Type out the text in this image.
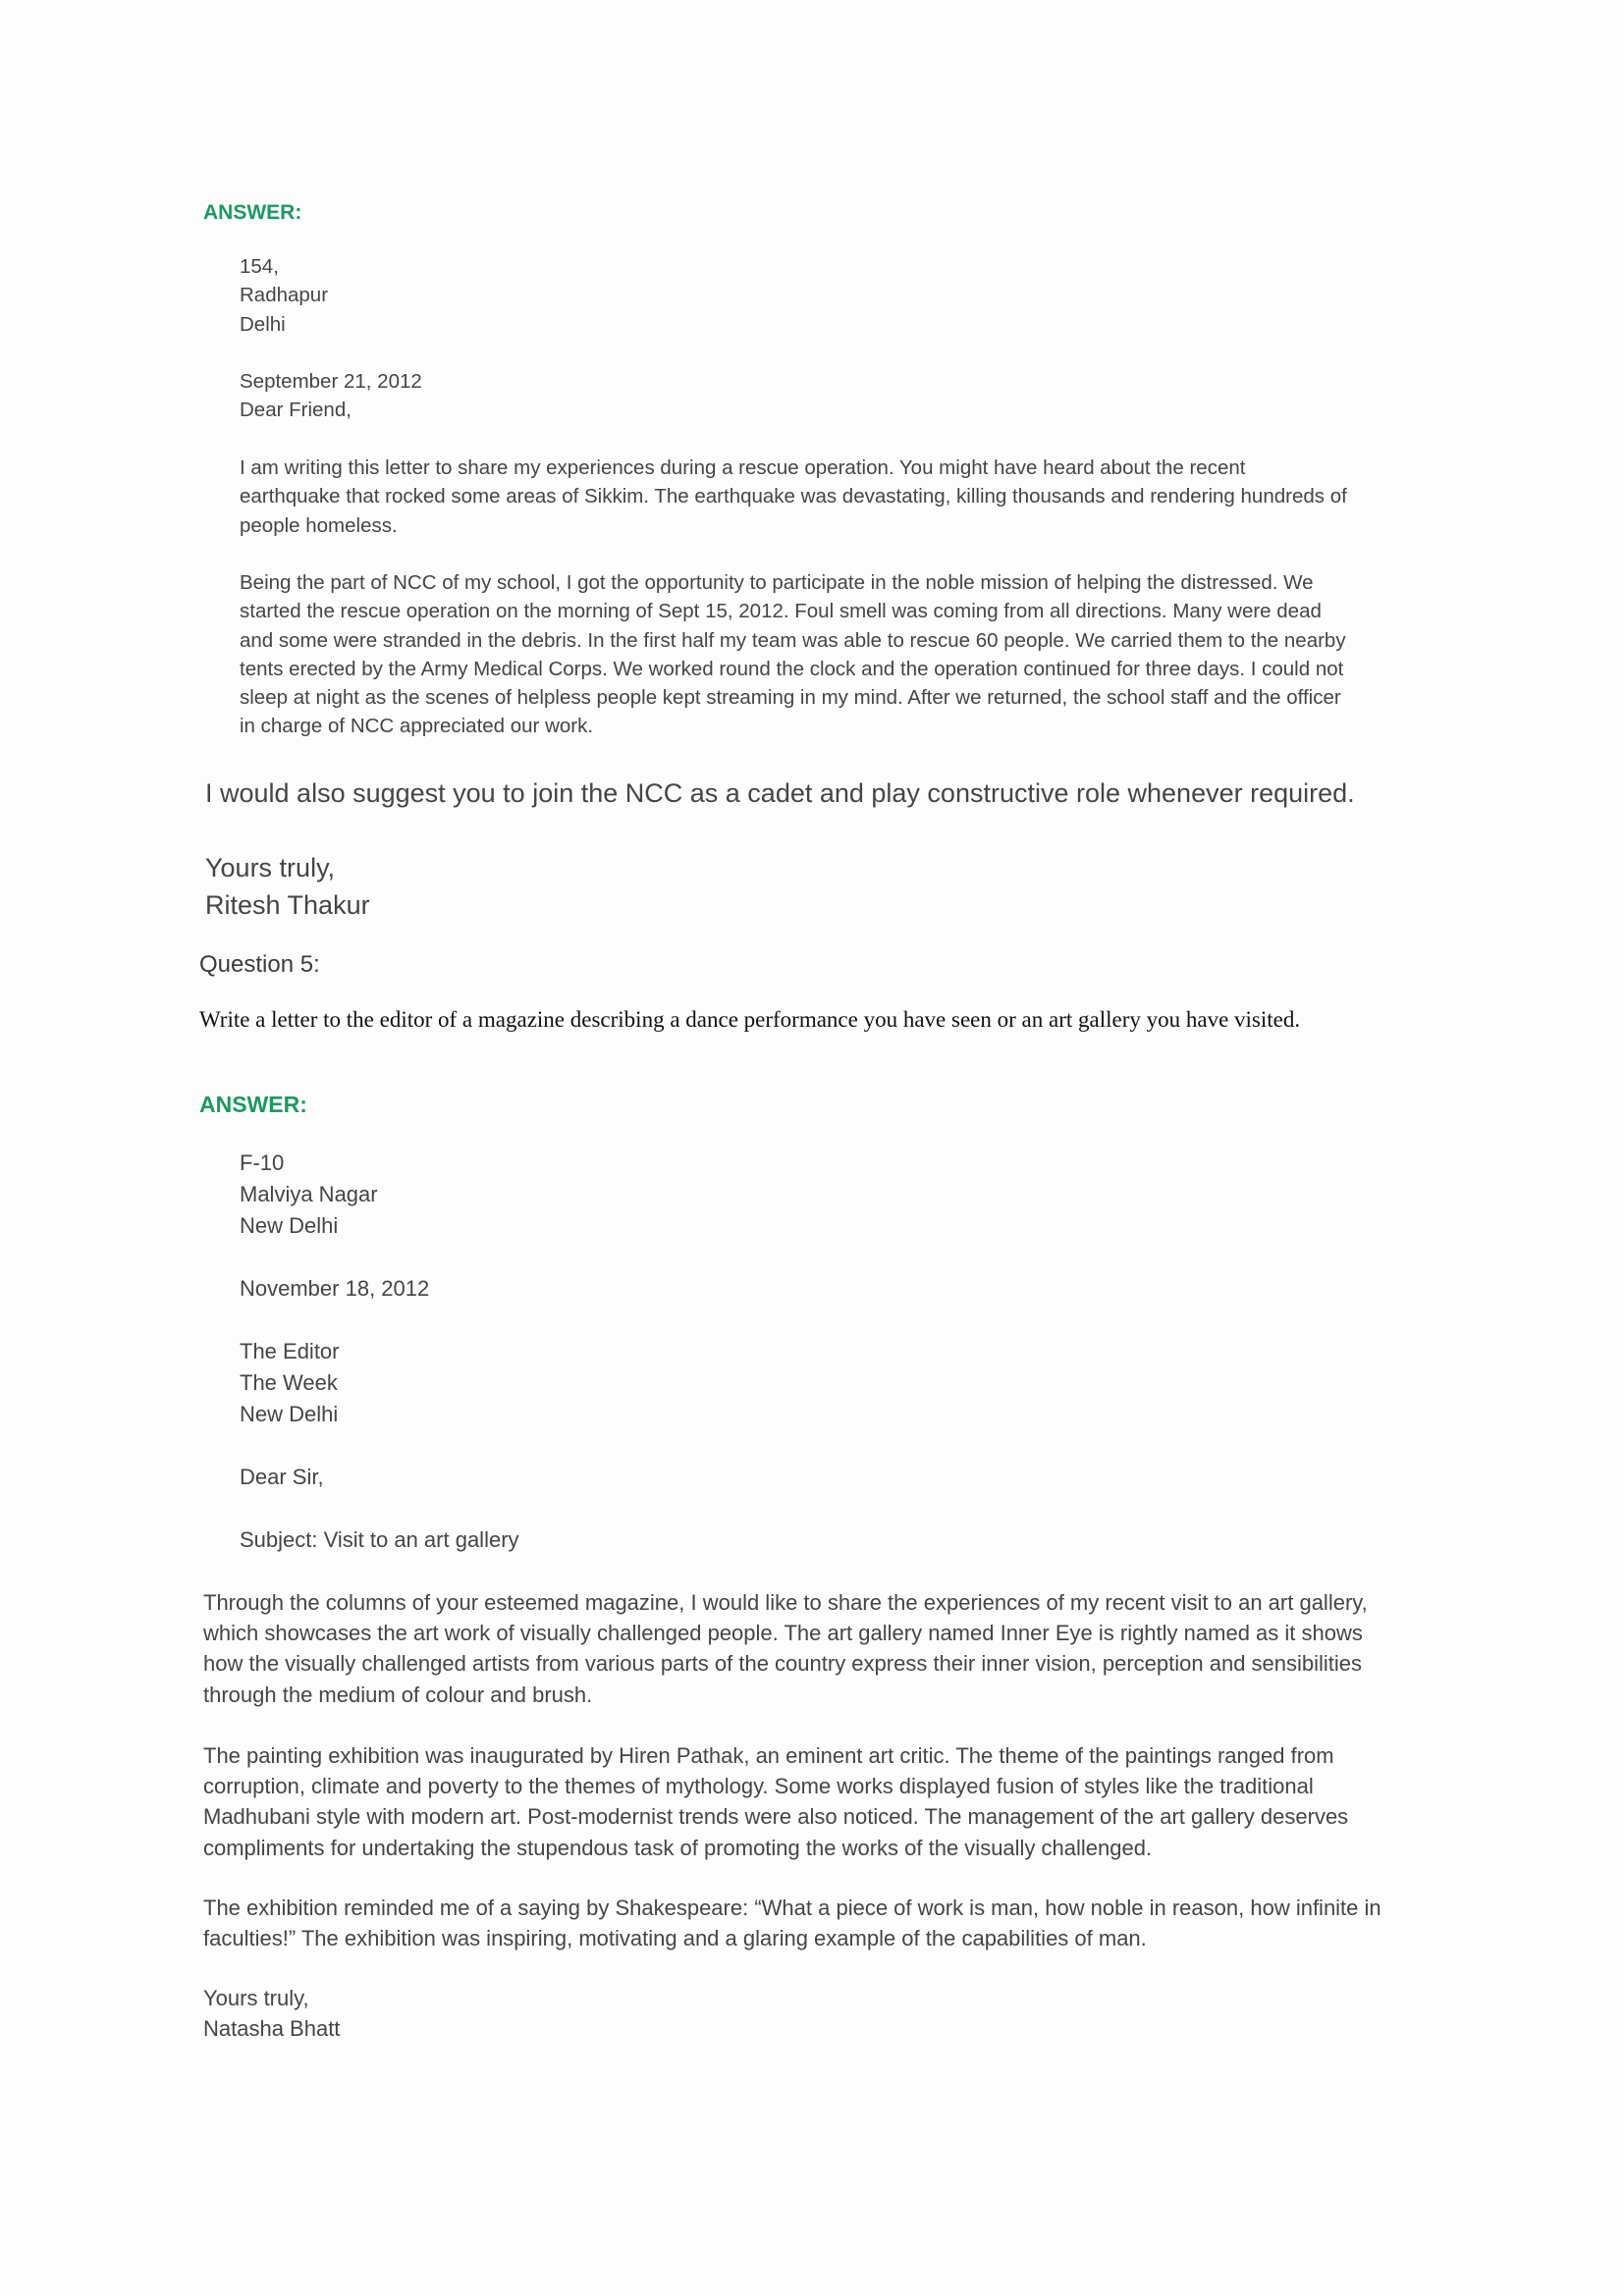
ANSWER:

154,
Radhapur
Delhi
September 21, 2012
Dear Friend,
I am writing this letter to share my experiences during a rescue operation. You might have heard about the recent
earthquake that rocked some areas of Sikkim. The earthquake was devastating, killing thousands and rendering hundreds of
people homeless.
Being the part of NCC of my school, I got the opportunity to participate in the noble mission of helping the distressed. We
started the rescue operation on the morning of Sept 15, 2012. Foul smell was coming from all directions. Many were dead
and some were stranded in the debris. In the first half my team was able to rescue 60 people. We carried them to the nearby
tents erected by the Army Medical Corps. We worked round the clock and the operation continued for three days. I could not
sleep at night as the scenes of helpless people kept streaming in my mind. After we returned, the school staff and the officer
in charge of NCC appreciated our work.

I would also suggest you to join the NCC as a cadet and play constructive role whenever required.

Yours truly,
Ritesh Thakur

Question 5:

Write a letter to the editor of a magazine describing a dance performance you have seen or an art gallery you have visited.

ANSWER:

F-10
Malviya Nagar
New Delhi

November 18, 2012

The Editor
The Week
New Delhi

Dear Sir,

Subject: Visit to an art gallery

Through the columns of your esteemed magazine, I would like to share the experiences of my recent visit to an art gallery,
which showcases the art work of visually challenged people. The art gallery named Inner Eye is rightly named as it shows
how the visually challenged artists from various parts of the country express their inner vision, perception and sensibilities
through the medium of colour and brush.
The painting exhibition was inaugurated by Hiren Pathak, an eminent art critic. The theme of the paintings ranged from
corruption, climate and poverty to the themes of mythology. Some works displayed fusion of styles like the traditional
Madhubani style with modern art. Post-modernist trends were also noticed. The management of the art gallery deserves
compliments for undertaking the stupendous task of promoting the works of the visually challenged.
The exhibition reminded me of a saying by Shakespeare: “What a piece of work is man, how noble in reason, how infinite in
faculties!” The exhibition was inspiring, motivating and a glaring example of the capabilities of man.
Yours truly,
Natasha Bhatt
